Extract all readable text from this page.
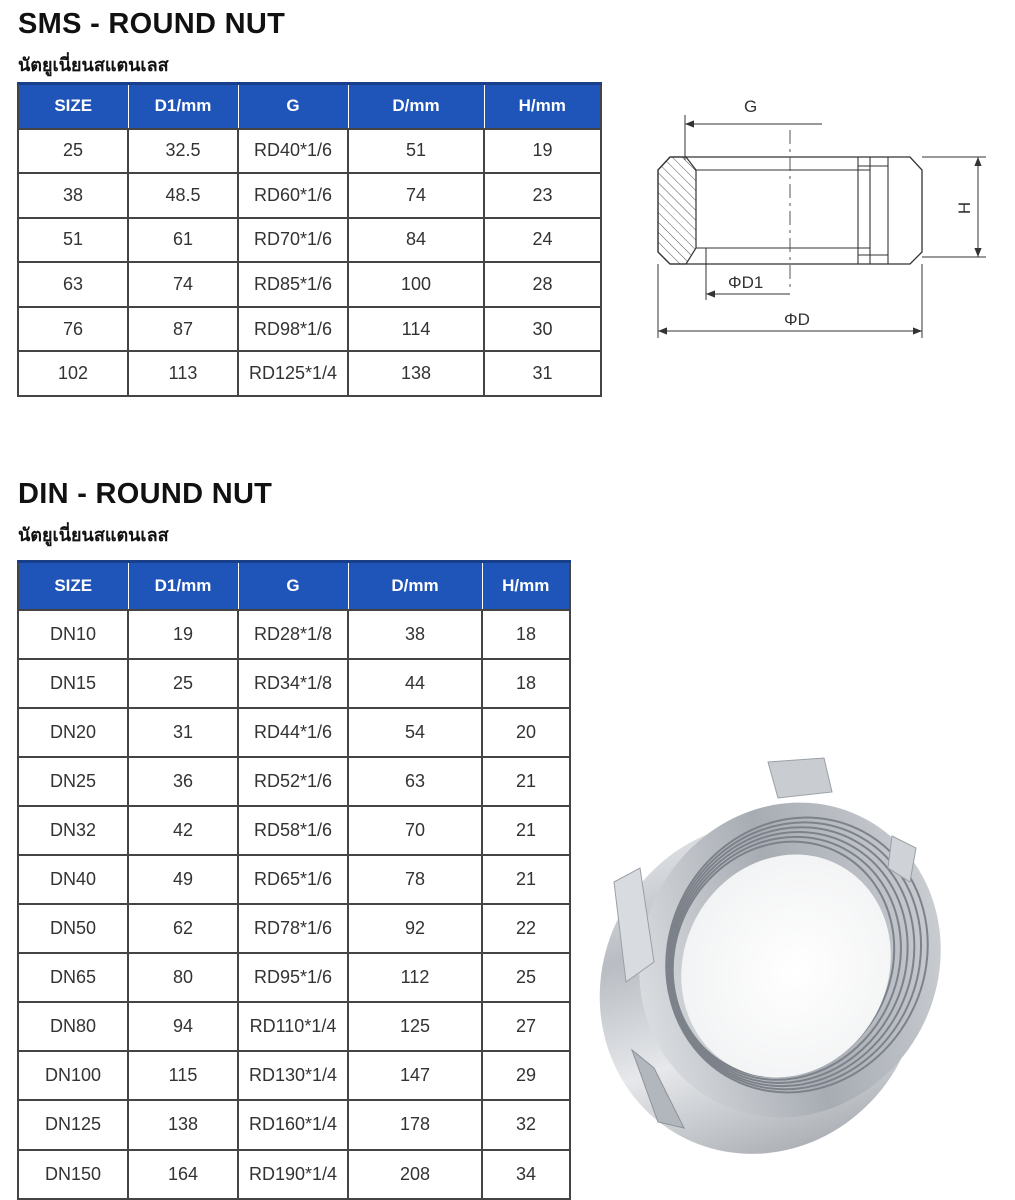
SMS - ROUND NUT
นัตยูเนี่ยนสแตนเลส
SIZE	D1/mm	G	D/mm	H/mm
25	32.5	RD40*1/6	51	19
38	48.5	RD60*1/6	74	23
51	61	RD70*1/6	84	24
63	74	RD85*1/6	100	28
76	87	RD98*1/6	114	30
102	113	RD125*1/4	138	31
G
H
ΦD1
ΦD
DIN - ROUND NUT
นัตยูเนี่ยนสแตนเลส
SIZE	D1/mm	G	D/mm	H/mm
DN10	19	RD28*1/8	38	18
DN15	25	RD34*1/8	44	18
DN20	31	RD44*1/6	54	20
DN25	36	RD52*1/6	63	21
DN32	42	RD58*1/6	70	21
DN40	49	RD65*1/6	78	21
DN50	62	RD78*1/6	92	22
DN65	80	RD95*1/6	112	25
DN80	94	RD110*1/4	125	27
DN100	115	RD130*1/4	147	29
DN125	138	RD160*1/4	178	32
DN150	164	RD190*1/4	208	34
